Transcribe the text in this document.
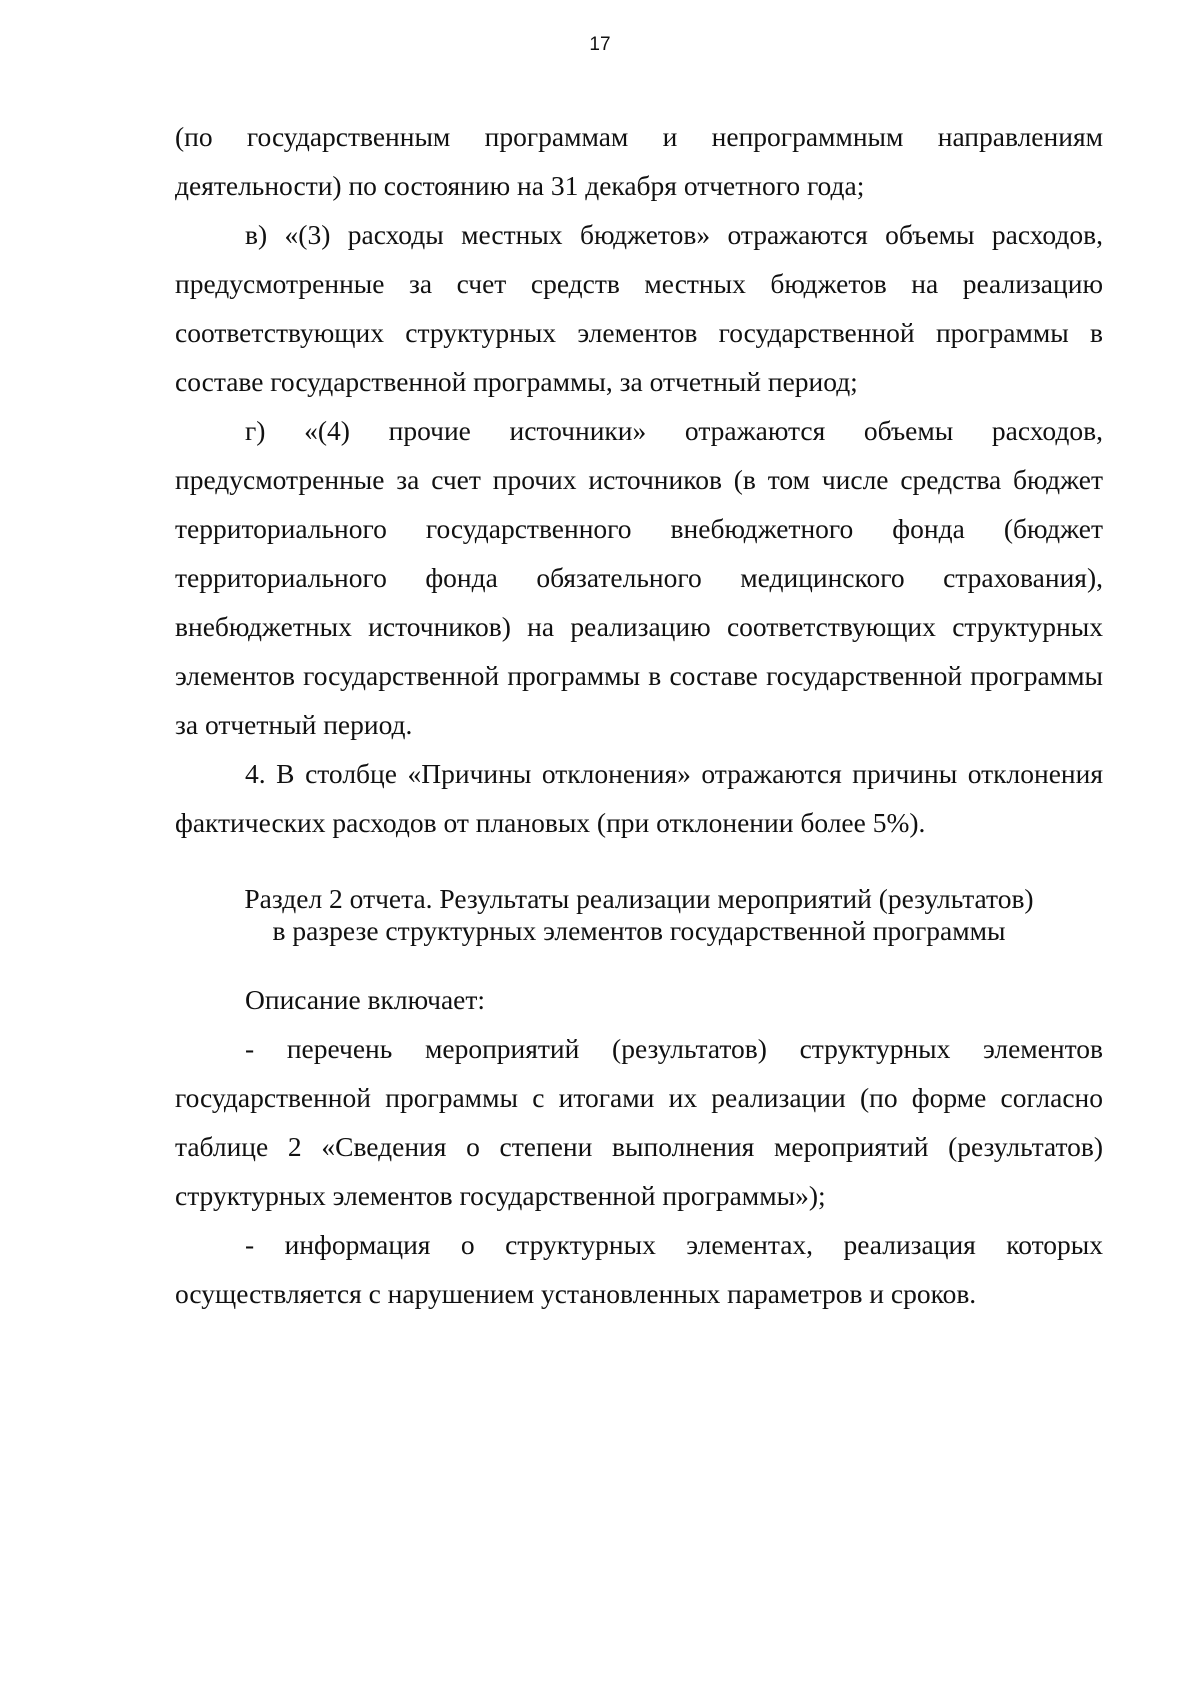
17

(по государственным программам и непрограммным направлениям деятельности) по состоянию на 31 декабря отчетного года;

в) «(3) расходы местных бюджетов» отражаются объемы расходов, предусмотренные за счет средств местных бюджетов на реализацию соответствующих структурных элементов государственной программы в составе государственной программы, за отчетный период;

г) «(4) прочие источники» отражаются объемы расходов, предусмотренные за счет прочих источников (в том числе средства бюджет территориального государственного внебюджетного фонда (бюджет территориального фонда обязательного медицинского страхования), внебюджетных источников) на реализацию соответствующих структурных элементов государственной программы в составе государственной программы за отчетный период.

4. В столбце «Причины отклонения» отражаются причины отклонения фактических расходов от плановых (при отклонении более 5%).

Раздел 2 отчета. Результаты реализации мероприятий (результатов)
в разрезе структурных элементов государственной программы

Описание включает:

- перечень мероприятий (результатов) структурных элементов государственной программы с итогами их реализации (по форме согласно таблице 2 «Сведения о степени выполнения мероприятий (результатов) структурных элементов государственной программы»);

- информация о структурных элементах, реализация которых осуществляется с нарушением установленных параметров и сроков.
